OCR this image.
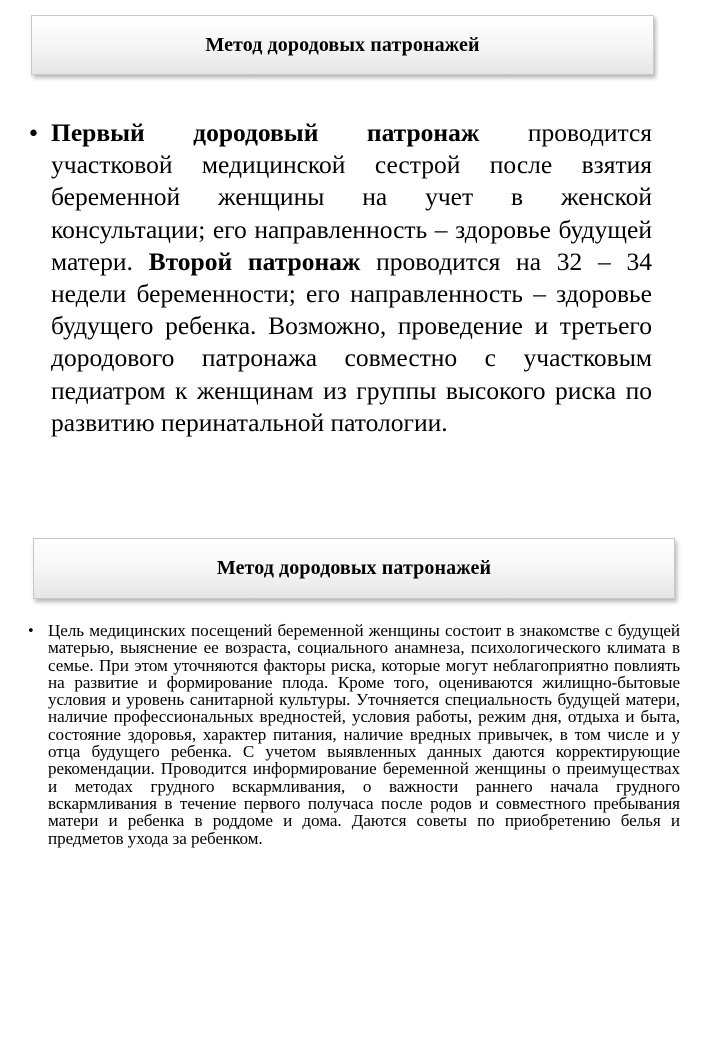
Метод дородовых патронажей
• Первый дородовый патронаж проводится участковой медицинской сестрой после взятия беременной женщины на учет в женской консультации; его направленность – здоровье будущей матери. Второй патронаж проводится на 32 – 34 недели беременности; его направленность – здоровье будущего ребенка. Возможно, проведение и третьего дородового патронажа совместно с участковым педиатром к женщинам из группы высокого риска по развитию перинатальной патологии.

Метод дородовых патронажей
• Цель медицинских посещений беременной женщины состоит в знакомстве с будущей матерью, выяснение ее возраста, социального анамнеза, психологического климата в семье. При этом уточняются факторы риска, которые могут неблагоприятно повлиять на развитие и формирование плода. Кроме того, оцениваются жилищно-бытовые условия и уровень санитарной культуры. Уточняется специальность будущей матери, наличие профессиональных вредностей, условия работы, режим дня, отдыха и быта, состояние здоровья, характер питания, наличие вредных привычек, в том числе и у отца будущего ребенка. С учетом выявленных данных даются корректирующие рекомендации. Проводится информирование беременной женщины о преимуществах и методах грудного вскармливания, о важности раннего начала грудного вскармливания в течение первого получаса после родов и совместного пребывания матери и ребенка в роддоме и дома. Даются советы по приобретению белья и предметов ухода за ребенком.
